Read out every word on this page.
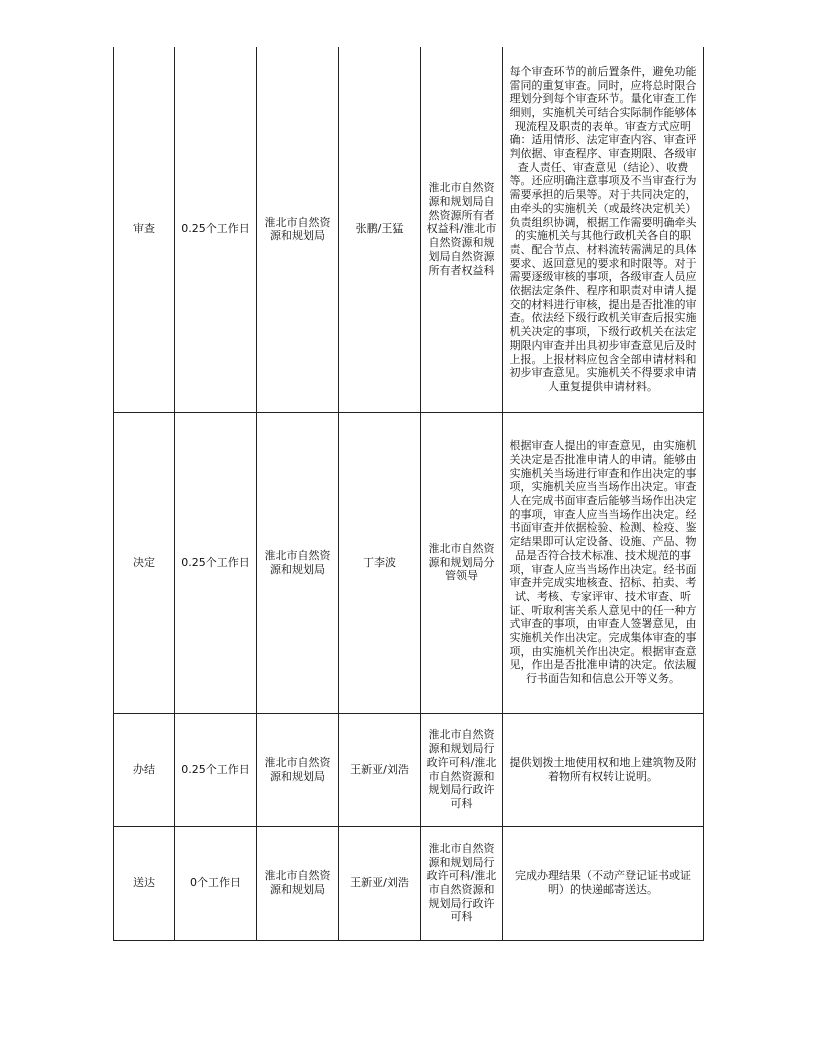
审查	0.25个工作日	淮北市自然资源和规划局	张鹏/王猛	淮北市自然资源和规划局自然资源所有者权益科/淮北市自然资源和规划局自然资源所有者权益科	每个审查环节的前后置条件，避免功能雷同的重复审查。同时，应将总时限合理划分到每个审查环节。量化审查工作细则，实施机关可结合实际制作能够体现流程及职责的表单。审查方式应明确：适用情形、法定审查内容、审查评判依据、审查程序、审查期限、各级审查人责任、审查意见（结论）、收费等。还应明确注意事项及不当审查行为需要承担的后果等。对于共同决定的，由牵头的实施机关（或最终决定机关）负责组织协调，根据工作需要明确牵头的实施机关与其他行政机关各自的职责、配合节点、材料流转需满足的具体要求、返回意见的要求和时限等。对于需要逐级审核的事项，各级审查人员应依据法定条件、程序和职责对申请人提交的材料进行审核，提出是否批准的审查。依法经下级行政机关审查后报实施机关决定的事项，下级行政机关在法定期限内审查并出具初步审查意见后及时上报。上报材料应包含全部申请材料和初步审查意见。实施机关不得要求申请人重复提供申请材料。
决定	0.25个工作日	淮北市自然资源和规划局	丁李波	淮北市自然资源和规划局分管领导	根据审查人提出的审查意见，由实施机关决定是否批准申请人的申请。能够由实施机关当场进行审查和作出决定的事项，实施机关应当当场作出决定。审查人在完成书面审查后能够当场作出决定的事项，审查人应当当场作出决定。经书面审查并依据检验、检测、检疫、鉴定结果即可认定设备、设施、产品、物品是否符合技术标准、技术规范的事项，审查人应当当场作出决定。经书面审查并完成实地核查、招标、拍卖、考试、考核、专家评审、技术审查、听证、听取利害关系人意见中的任一种方式审查的事项，由审查人签署意见，由实施机关作出决定。完成集体审查的事项，由实施机关作出决定。根据审查意见，作出是否批准申请的决定。依法履行书面告知和信息公开等义务。
办结	0.25个工作日	淮北市自然资源和规划局	王新亚/刘浩	淮北市自然资源和规划局行政许可科/淮北市自然资源和规划局行政许可科	提供划拨土地使用权和地上建筑物及附着物所有权转让说明。
送达	0个工作日	淮北市自然资源和规划局	王新亚/刘浩	淮北市自然资源和规划局行政许可科/淮北市自然资源和规划局行政许可科	完成办理结果（不动产登记证书或证明）的快递邮寄送达。
